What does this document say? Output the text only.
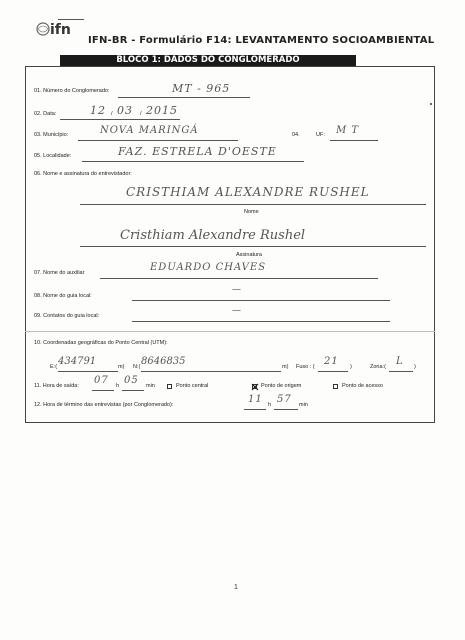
ifn
IFN-BR - Formulário F14: LEVANTAMENTO SOCIOAMBIENTAL
BLOCO 1: DADOS DO CONGLOMERADO
01. Número do Conglomerado:	MT - 965
02. Data:	12 / 03 / 2015
03. Município:	NOVA MARINGÁ	04.	UF: M T
05. Localidade:	FAZ. ESTRELA D'OESTE
06. Nome e assinatura do entrevistador:
CRISTHIAM ALEXANDRE RUSHEL
Nome
Cristhiam Alexandre Rushel
Assinatura
07. Nome do auxiliar	EDUARDO CHAVES
08. Nome do guia local:
—
09. Contatos do guia local:	—
10. Coordenadas geográficas do Ponto Central (UTM):
E:( 434791	m) N:( 8646835	m) Fuso : ( 21 )	Zona:( L )
11. Hora de saída: 07 h 05 min	Ponto central	Ponto de origem	Ponto de acesso
12. Hora de término das entrevistas (por Conglomerado):	11 h 57 min
1
